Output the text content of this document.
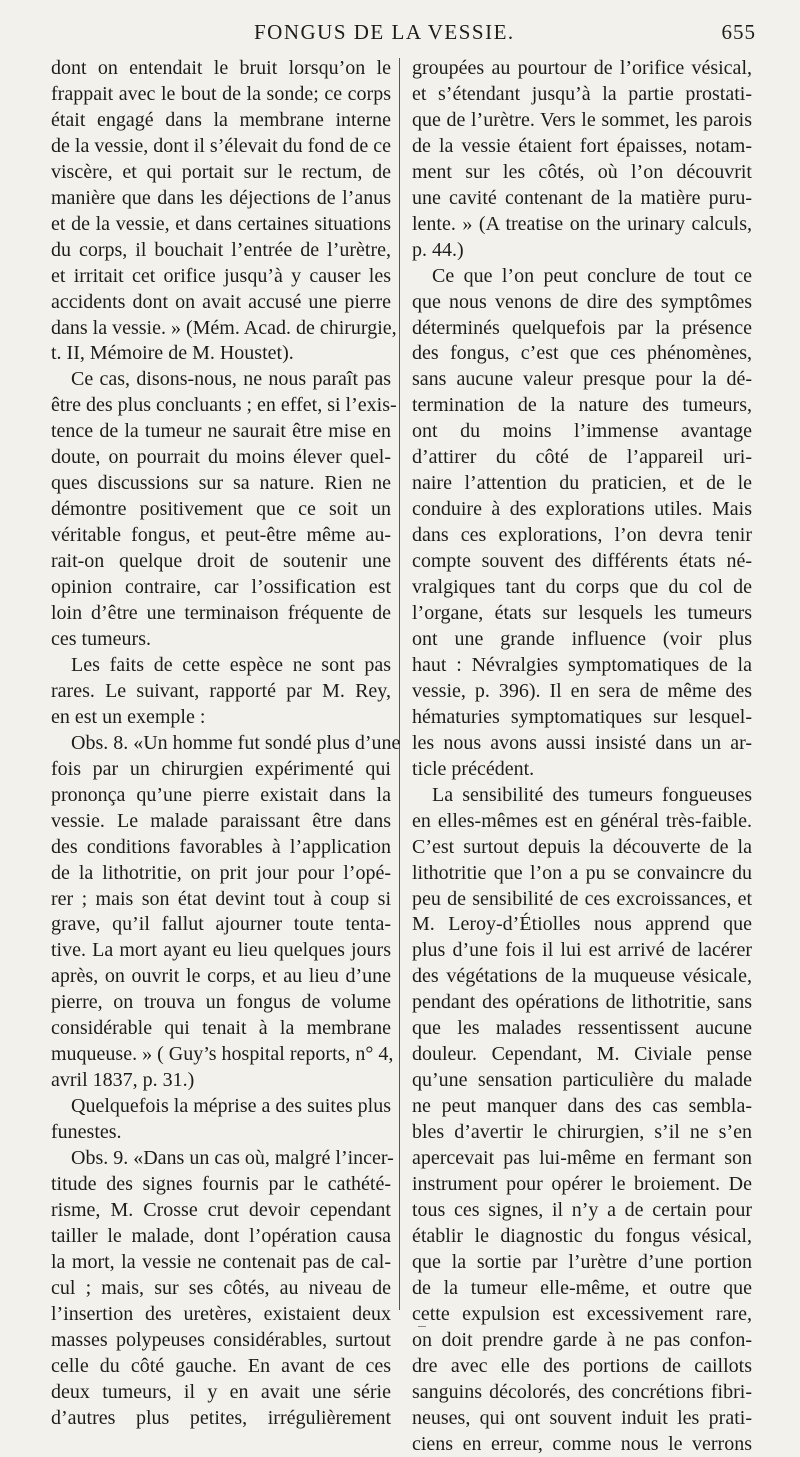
FONGUS DE LA VESSIE.	655
dont on entendait le bruit lorsqu’on le
frappait avec le bout de la sonde; ce corps
était engagé dans la membrane interne
de la vessie, dont il s’élevait du fond de ce
viscère, et qui portait sur le rectum, de
manière que dans les déjections de l’anus
et de la vessie, et dans certaines situations
du corps, il bouchait l’entrée de l’urètre,
et irritait cet orifice jusqu’à y causer les
accidents dont on avait accusé une pierre
dans la vessie. » (Mém. Acad. de chirurgie,
t. II, Mémoire de M. Houstet).
Ce cas, disons-nous, ne nous paraît pas
être des plus concluants ; en effet, si l’exis-
tence de la tumeur ne saurait être mise en
doute, on pourrait du moins élever quel-
ques discussions sur sa nature. Rien ne
démontre positivement que ce soit un
véritable fongus, et peut-être même au-
rait-on quelque droit de soutenir une
opinion contraire, car l’ossification est
loin d’être une terminaison fréquente de
ces tumeurs.
Les faits de cette espèce ne sont pas
rares. Le suivant, rapporté par M. Rey,
en est un exemple :
Obs. 8. «Un homme fut sondé plus d’une
fois par un chirurgien expérimenté qui
prononça qu’une pierre existait dans la
vessie. Le malade paraissant être dans
des conditions favorables à l’application
de la lithotritie, on prit jour pour l’opé-
rer ; mais son état devint tout à coup si
grave, qu’il fallut ajourner toute tenta-
tive. La mort ayant eu lieu quelques jours
après, on ouvrit le corps, et au lieu d’une
pierre, on trouva un fongus de volume
considérable qui tenait à la membrane
muqueuse. » ( Guy’s hospital reports, n° 4,
avril 1837, p. 31.)
Quelquefois la méprise a des suites plus
funestes.
Obs. 9. «Dans un cas où, malgré l’incer-
titude des signes fournis par le cathété-
risme, M. Crosse crut devoir cependant
tailler le malade, dont l’opération causa
la mort, la vessie ne contenait pas de cal-
cul ; mais, sur ses côtés, au niveau de
l’insertion des uretères, existaient deux
masses polypeuses considérables, surtout
celle du côté gauche. En avant de ces
deux tumeurs, il y en avait une série
d’autres plus petites, irrégulièrement
groupées au pourtour de l’orifice vésical,
et s’étendant jusqu’à la partie prostati-
que de l’urètre. Vers le sommet, les parois
de la vessie étaient fort épaisses, notam-
ment sur les côtés, où l’on découvrit
une cavité contenant de la matière puru-
lente. » (A treatise on the urinary calculs,
p. 44.)
Ce que l’on peut conclure de tout ce
que nous venons de dire des symptômes
déterminés quelquefois par la présence
des fongus, c’est que ces phénomènes,
sans aucune valeur presque pour la dé-
termination de la nature des tumeurs,
ont du moins l’immense avantage
d’attirer du côté de l’appareil uri-
naire l’attention du praticien, et de le
conduire à des explorations utiles. Mais
dans ces explorations, l’on devra tenir
compte souvent des différents états né-
vralgiques tant du corps que du col de
l’organe, états sur lesquels les tumeurs
ont une grande influence (voir plus
haut : Névralgies symptomatiques de la
vessie, p. 396). Il en sera de même des
hématuries symptomatiques sur lesquel-
les nous avons aussi insisté dans un ar-
ticle précédent.
La sensibilité des tumeurs fongueuses
en elles-mêmes est en général très-faible.
C’est surtout depuis la découverte de la
lithotritie que l’on a pu se convaincre du
peu de sensibilité de ces excroissances, et
M. Leroy-d’Étiolles nous apprend que
plus d’une fois il lui est arrivé de lacérer
des végétations de la muqueuse vésicale,
pendant des opérations de lithotritie, sans
que les malades ressentissent aucune
douleur. Cependant, M. Civiale pense
qu’une sensation particulière du malade
ne peut manquer dans des cas sembla-
bles d’avertir le chirurgien, s’il ne s’en
apercevait pas lui-même en fermant son
instrument pour opérer le broiement. De
tous ces signes, il n’y a de certain pour
établir le diagnostic du fongus vésical,
que la sortie par l’urètre d’une portion
de la tumeur elle-même, et outre que
cette expulsion est excessivement rare,
on doit prendre garde à ne pas confon-
dre avec elle des portions de caillots
sanguins décolorés, des concrétions fibri-
neuses, qui ont souvent induit les prati-
ciens en erreur, comme nous le verrons
